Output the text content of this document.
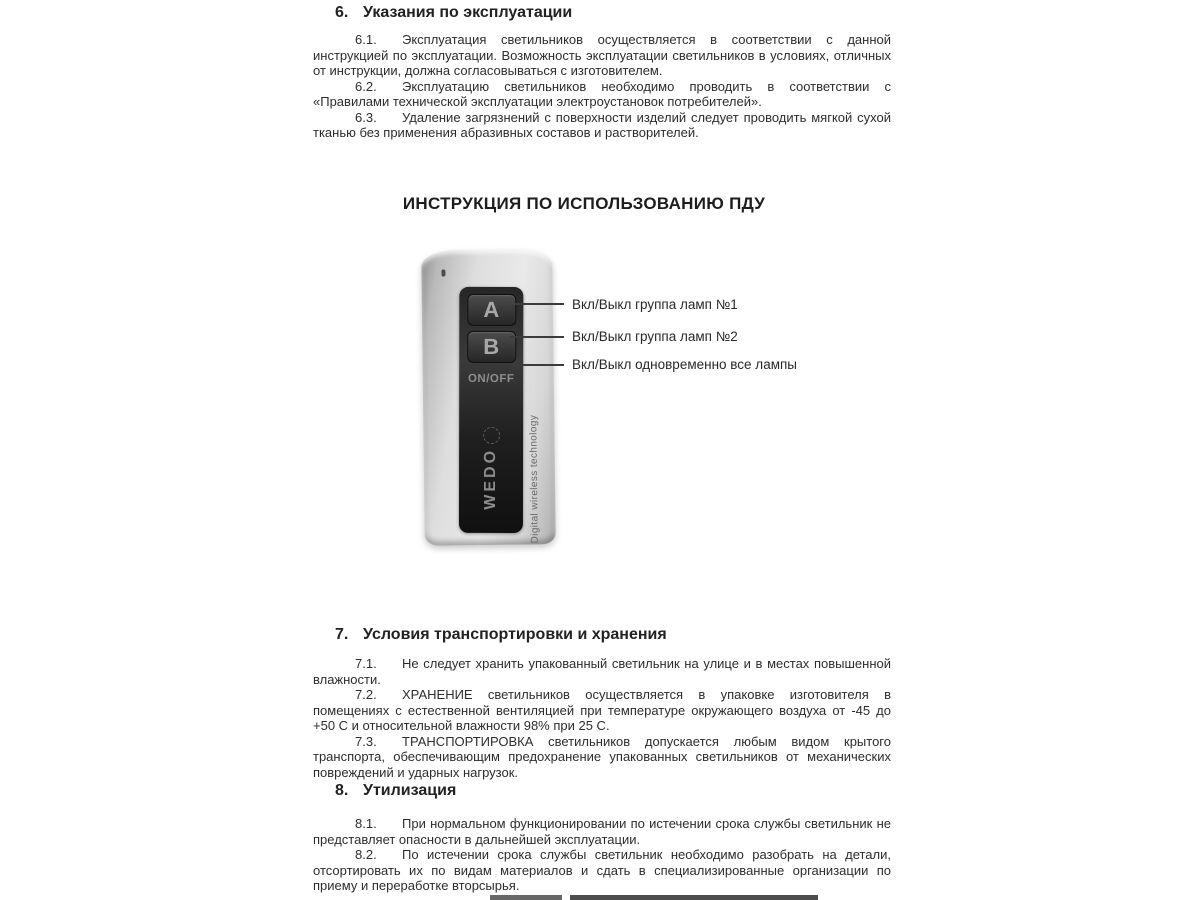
6. Указания по эксплуатации

6.1. Эксплуатация светильников осуществляется в соответствии с данной инструкцией по эксплуатации. Возможность эксплуатации светильников в условиях, отличных от инструкции, должна согласовываться с изготовителем.

6.2. Эксплуатацию светильников необходимо проводить в соответствии с «Правилами технической эксплуатации электроустановок потребителей».

6.3. Удаление загрязнений с поверхности изделий следует проводить мягкой сухой тканью без применения абразивных составов и растворителей.

ИНСТРУКЦИЯ ПО ИСПОЛЬЗОВАНИЮ ПДУ
A
B
ON/OFF
WEDO	Digital wireless technology
Вкл/Выкл группа ламп №1
Вкл/Выкл группа ламп №2
Вкл/Выкл одновременно все лампы
7. Условия транспортировки и хранения

7.1. Не следует хранить упакованный светильник на улице и в местах повышенной влажности.

7.2. ХРАНЕНИЕ светильников осуществляется в упаковке изготовителя в помещениях с естественной вентиляцией при температуре окружающего воздуха от -45 до +50 С и относительной влажности 98% при 25 С.

7.3. ТРАНСПОРТИРОВКА светильников допускается любым видом крытого транспорта, обеспечивающим предохранение упакованных светильников от механических повреждений и ударных нагрузок.

8. Утилизация

8.1. При нормальном функционировании по истечении срока службы светильник не представляет опасности в дальнейшей эксплуатации.

8.2. По истечении срока службы светильник необходимо разобрать на детали, отсортировать их по видам материалов и сдать в специализированные организации по приему и переработке вторсырья.
